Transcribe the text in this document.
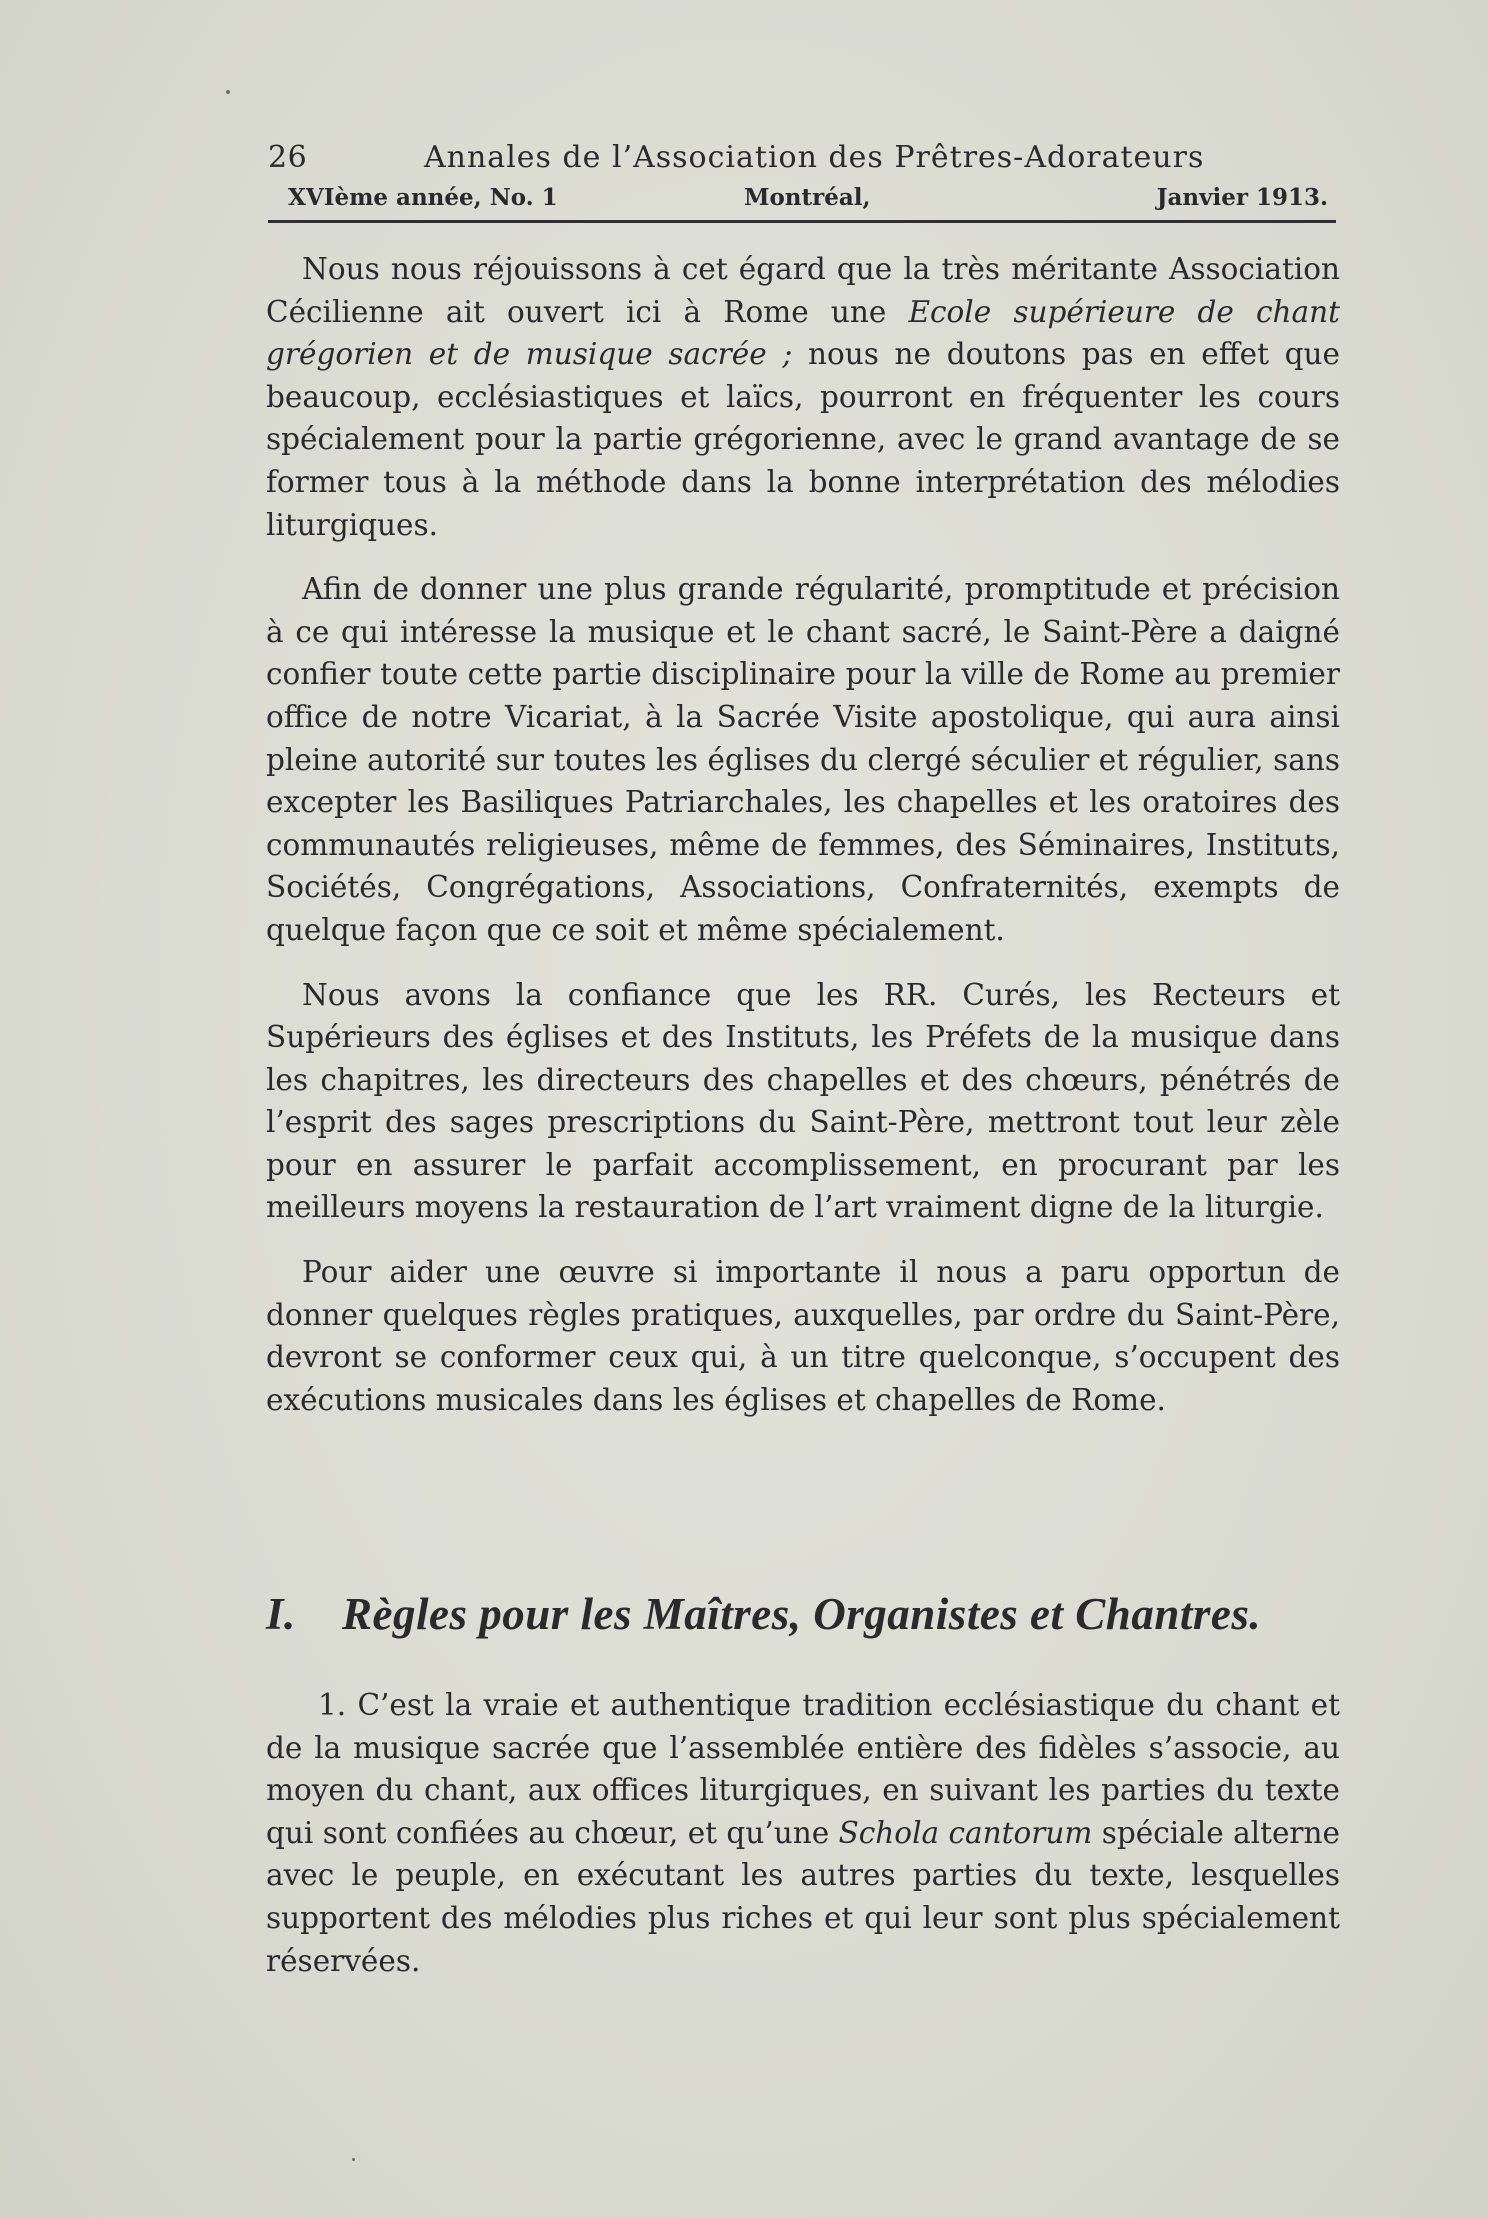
26	Annales de l’Association des Prêtres-Adorateurs
XVIème année, No. 1	Montréal,	Janvier 1913.

Nous nous réjouissons à cet égard que la très méritante Association Cécilienne ait ouvert ici à Rome une Ecole supérieure de chant grégorien et de musique sacrée ; nous ne doutons pas en effet que beaucoup, ecclésiastiques et laïcs, pourront en fréquenter les cours spécialement pour la partie grégorienne, avec le grand avantage de se former tous à la méthode dans la bonne interprétation des mélodies liturgiques.

Afin de donner une plus grande régularité, promptitude et précision à ce qui intéresse la musique et le chant sacré, le Saint-Père a daigné confier toute cette partie disciplinaire pour la ville de Rome au premier office de notre Vicariat, à la Sacrée Visite apostolique, qui aura ainsi pleine autorité sur toutes les églises du clergé séculier et régulier, sans excepter les Basiliques Patriarchales, les chapelles et les oratoires des communautés religieuses, même de femmes, des Séminaires, Instituts, Sociétés, Congrégations, Associations, Confraternités, exempts de quelque façon que ce soit et même spécialement.

Nous avons la confiance que les RR. Curés, les Recteurs et Supérieurs des églises et des Instituts, les Préfets de la musique dans les chapitres, les directeurs des chapelles et des chœurs, pénétrés de l’esprit des sages prescriptions du Saint-Père, mettront tout leur zèle pour en assurer le parfait accomplissement, en procurant par les meilleurs moyens la restauration de l’art vraiment digne de la liturgie.

Pour aider une œuvre si importante il nous a paru opportun de donner quelques règles pratiques, auxquelles, par ordre du Saint-Père, devront se conformer ceux qui, à un titre quelconque, s’occupent des exécutions musicales dans les églises et chapelles de Rome.

I. Règles pour les Maîtres, Organistes et Chantres.

1. C’est la vraie et authentique tradition ecclésiastique du chant et de la musique sacrée que l’assemblée entière des fidèles s’associe, au moyen du chant, aux offices liturgiques, en suivant les parties du texte qui sont confiées au chœur, et qu’une Schola cantorum spéciale alterne avec le peuple, en exécutant les autres parties du texte, lesquelles supportent des mélodies plus riches et qui leur sont plus spécialement réservées.
